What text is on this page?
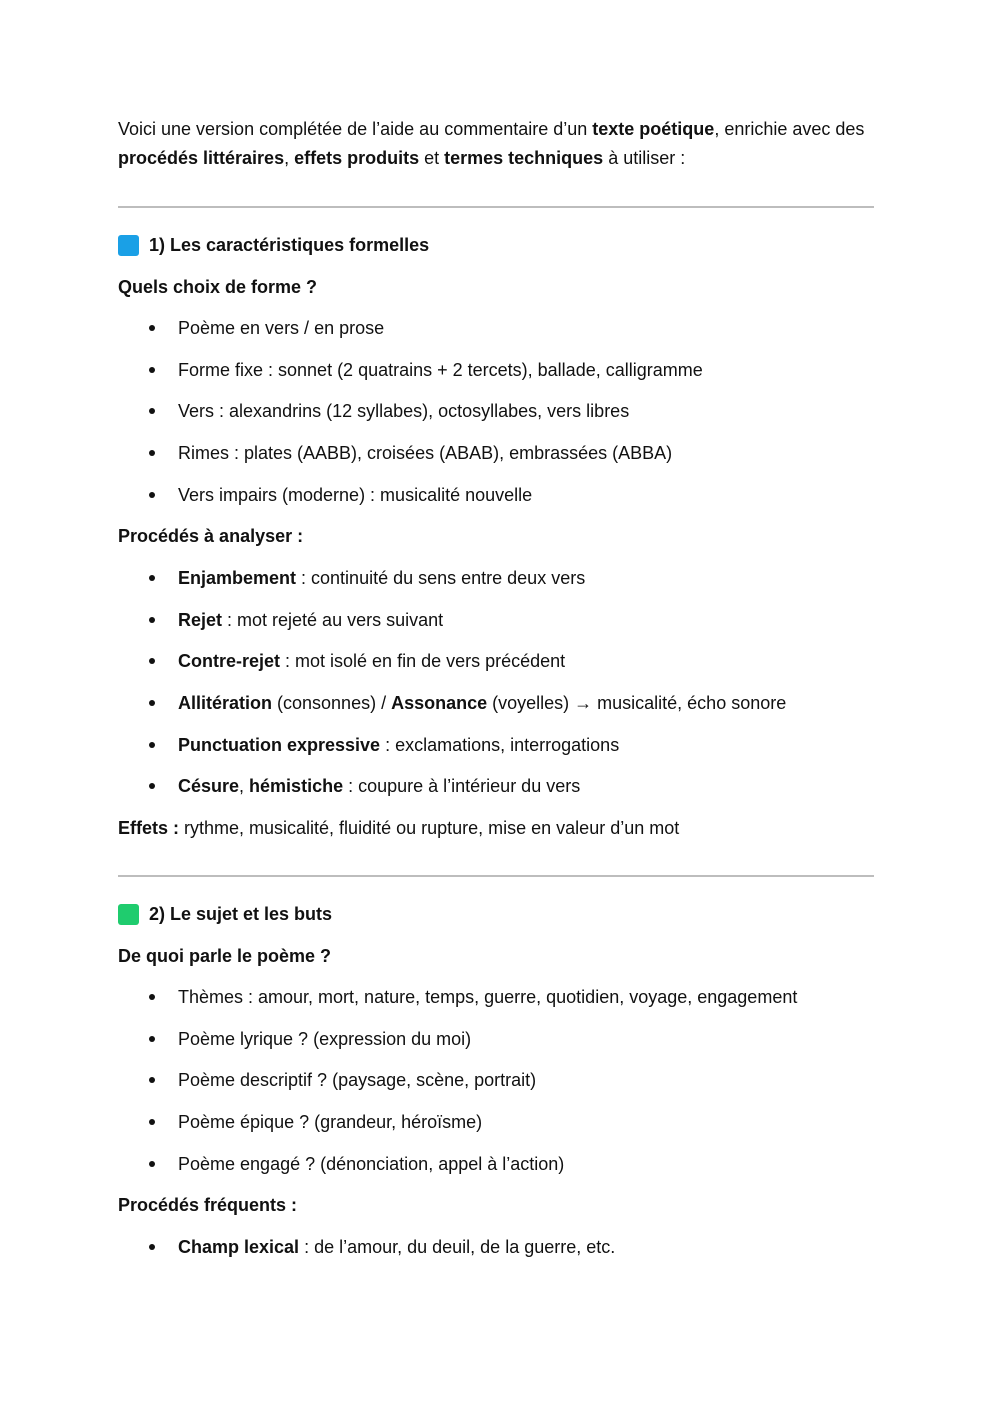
Voici une version complétée de l’aide au commentaire d’un texte poétique, enrichie avec des procédés littéraires, effets produits et termes techniques à utiliser :
1) Les caractéristiques formelles
Quels choix de forme ?
Poème en vers / en prose
Forme fixe : sonnet (2 quatrains + 2 tercets), ballade, calligramme
Vers : alexandrins (12 syllabes), octosyllabes, vers libres
Rimes : plates (AABB), croisées (ABAB), embrassées (ABBA)
Vers impairs (moderne) : musicalité nouvelle
Procédés à analyser :
Enjambement : continuité du sens entre deux vers
Rejet : mot rejeté au vers suivant
Contre-rejet : mot isolé en fin de vers précédent
Allitération (consonnes) / Assonance (voyelles) → musicalité, écho sonore
Punctuation expressive : exclamations, interrogations
Césure, hémistiche : coupure à l’intérieur du vers
Effets : rythme, musicalité, fluidité ou rupture, mise en valeur d’un mot
2) Le sujet et les buts
De quoi parle le poème ?
Thèmes : amour, mort, nature, temps, guerre, quotidien, voyage, engagement
Poème lyrique ? (expression du moi)
Poème descriptif ? (paysage, scène, portrait)
Poème épique ? (grandeur, héroïsme)
Poème engagé ? (dénonciation, appel à l’action)
Procédés fréquents :
Champ lexical : de l’amour, du deuil, de la guerre, etc.
